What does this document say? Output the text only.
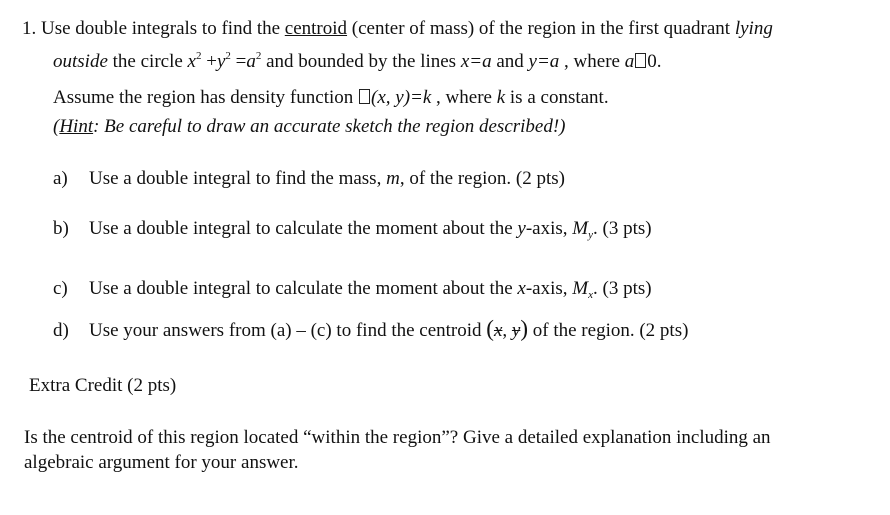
1. Use double integrals to find the centroid (center of mass) of the region in the first quadrant lying
outside the circle $x^2 +y^2 =a^2$ and bounded by the lines x=a and y=a , where a 0.
Assume the region has density function (x, y)=k , where k is a constant.
(Hint: Be careful to draw an accurate sketch the region described!)
a) Use a double integral to find the mass, m, of the region. (2 pts)
b) Use a double integral to calculate the moment about the y-axis, $M_y$. (3 pts)
c) Use a double integral to calculate the moment about the x-axis, $M_x$. (3 pts)
d) Use your answers from (a) – (c) to find the centroid (x, y) of the region. (2 pts)
Extra Credit (2 pts)
Is the centroid of this region located “within the region”? Give a detailed explanation including an
algebraic argument for your answer.
